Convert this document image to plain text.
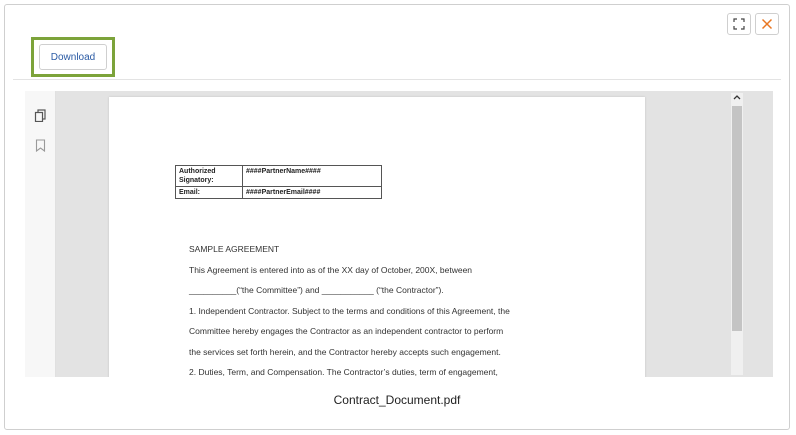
Download
Authorized Signatory:	####PartnerName####
Email:	####PartnerEmail####
SAMPLE AGREEMENT
This Agreement is entered into as of the XX day of October, 200X, between
__________(“the Committee”) and ___________ (“the Contractor”).
1. Independent Contractor. Subject to the terms and conditions of this Agreement, the
Committee hereby engages the Contractor as an independent contractor to perform
the services set forth herein, and the Contractor hereby accepts such engagement.
2. Duties, Term, and Compensation. The Contractor’s duties, term of engagement,
Contract_Document.pdf
